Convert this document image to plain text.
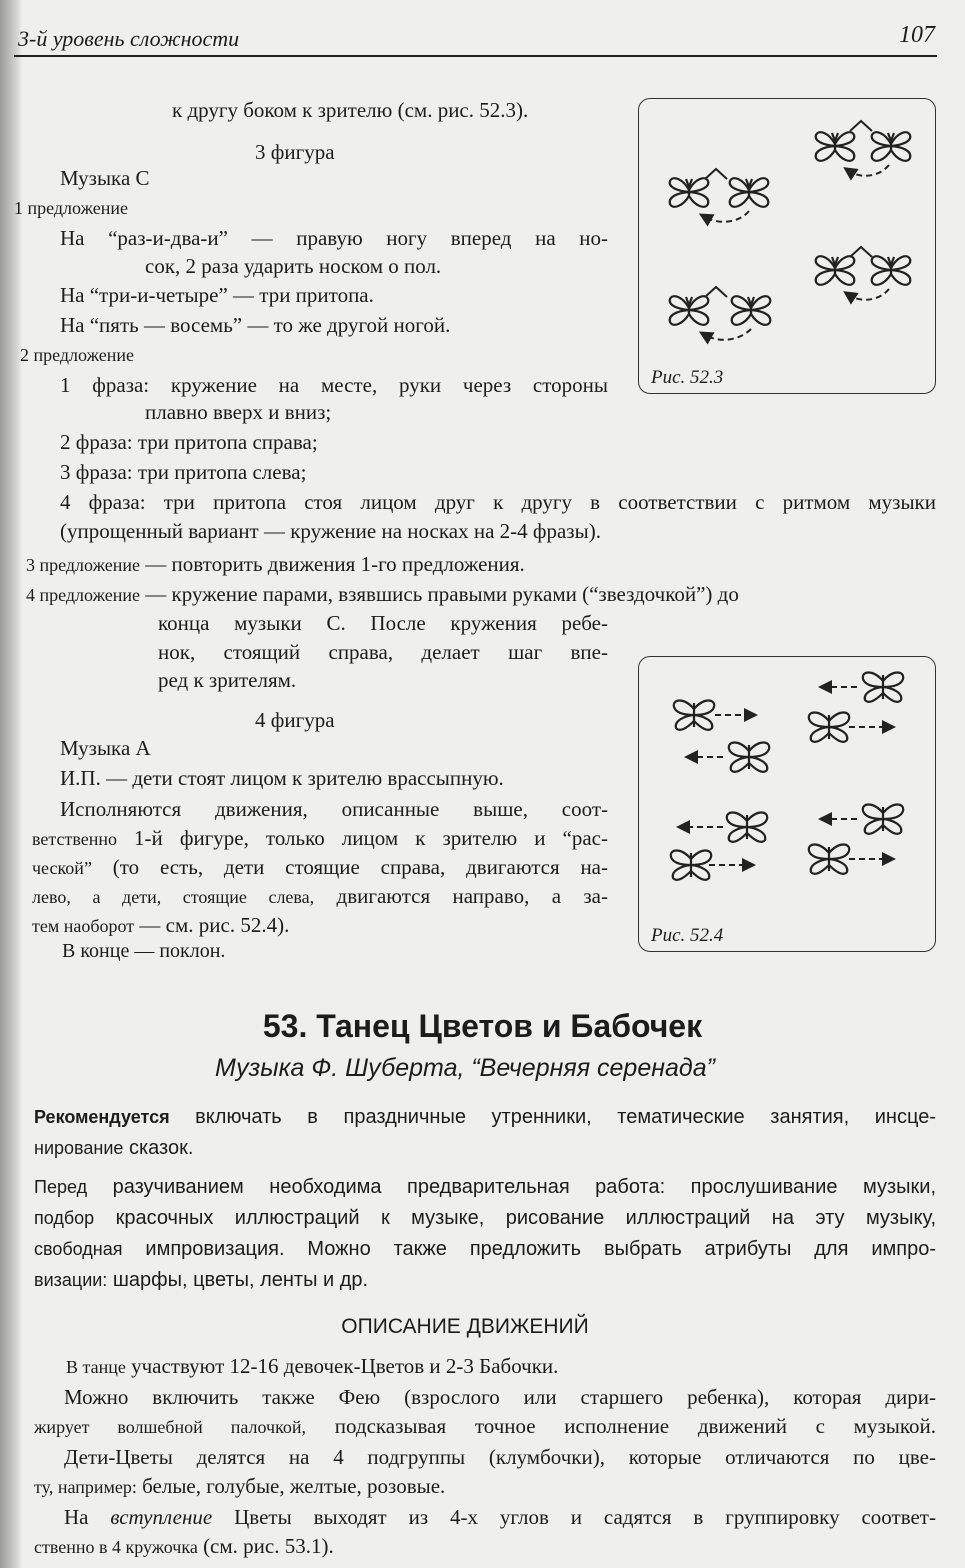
3-й уровень сложности	107
к другу боком к зрителю (см. рис. 52.3).
3 фигура
Музыка С
1 предложение
На “раз-и-два-и” — правую ногу вперед на но-
сок, 2 раза ударить носком о пол.
На “три-и-четыре” — три притопа.
На “пять — восемь” — то же другой ногой.
2 предложение
1 фраза: кружение на месте, руки через стороны
плавно вверх и вниз;
2 фраза: три притопа справа;
3 фраза: три притопа слева;
4 фраза: три притопа стоя лицом друг к другу в соответствии с ритмом музыки
(упрощенный вариант — кружение на носках на 2-4 фразы).
3 предложение — повторить движения 1-го предложения.
4 предложение — кружение парами, взявшись правыми руками (“звездочкой”) до
конца музыки С. После кружения ребе-
нок, стоящий справа, делает шаг впе-
ред к зрителям.
4 фигура
Музыка А
И.П. — дети стоят лицом к зрителю врассыпную.
Исполняются движения, описанные выше, соот-
ветственно 1-й фигуре, только лицом к зрителю и “рас-
ческой” (то есть, дети стоящие справа, двигаются на-
лево, а дети, стоящие слева, двигаются направо, а за-
тем наоборот — см. рис. 52.4).
В конце — поклон.
Рис. 52.3
Рис. 52.4
53. Танец Цветов и Бабочек
Музыка Ф. Шуберта, “Вечерняя серенада”
Рекомендуется включать в праздничные утренники, тематические занятия, инсце-
нирование сказок.
Перед разучиванием необходима предварительная работа: прослушивание музыки,
подбор красочных иллюстраций к музыке, рисование иллюстраций на эту музыку,
свободная импровизация. Можно также предложить выбрать атрибуты для импро-
визации: шарфы, цветы, ленты и др.
ОПИСАНИЕ ДВИЖЕНИЙ
В танце участвуют 12-16 девочек-Цветов и 2-3 Бабочки.
Можно включить также Фею (взрослого или старшего ребенка), которая дири-
жирует волшебной палочкой, подсказывая точное исполнение движений с музыкой.
Дети-Цветы делятся на 4 подгруппы (клумбочки), которые отличаются по цве-
ту, например: белые, голубые, желтые, розовые.
На вступление Цветы выходят из 4-х углов и садятся в группировку соответ-
ственно в 4 кружочка (см. рис. 53.1).
